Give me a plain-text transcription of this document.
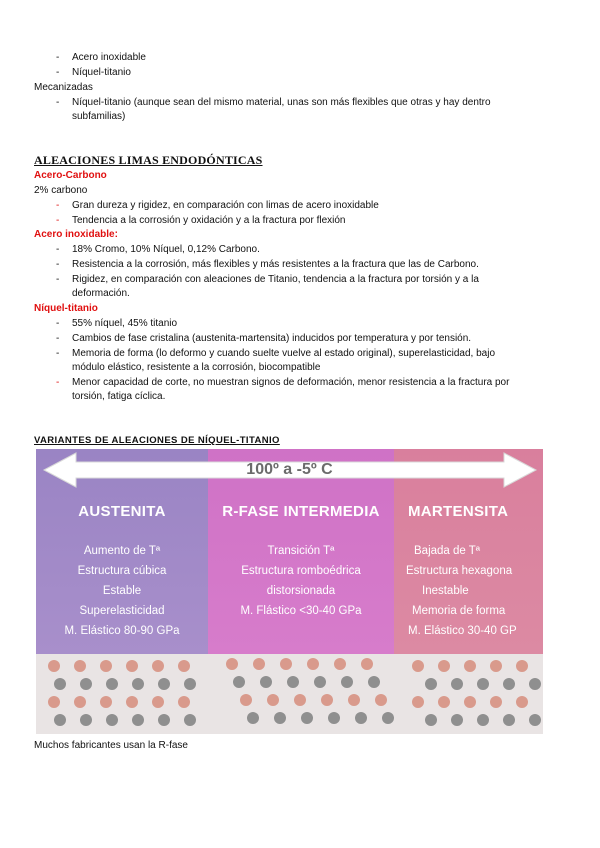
- Acero inoxidable
- Níquel-titanio
Mecanizadas
- Níquel-titanio (aunque sean del mismo material, unas son más flexibles que otras y hay dentro
subfamilias)
ALEACIONES LIMAS ENDODÓNTICAS
Acero-Carbono
2% carbono
- Gran dureza y rigidez, en comparación con limas de acero inoxidable
- Tendencia a la corrosión y oxidación y a la fractura por flexión
Acero inoxidable:
- 18% Cromo, 10% Níquel, 0,12% Carbono.
- Resistencia a la corrosión, más flexibles y más resistentes a la fractura que las de Carbono.
- Rigidez, en comparación con aleaciones de Titanio, tendencia a la fractura por torsión y a la
deformación.
Níquel-titanio
- 55% níquel, 45% titanio
- Cambios de fase cristalina (austenita-martensita) inducidos por temperatura y por tensión.
- Memoria de forma (lo deformo y cuando suelte vuelve al estado original), superelasticidad, bajo
módulo elástico, resistente a la corrosión, biocompatible
- Menor capacidad de corte, no muestran signos de deformación, menor resistencia a la fractura por
torsión, fatiga cíclica.
VARIANTES DE ALEACIONES DE NÍQUEL-TITANIO
100º a -5º C
AUSTENITA
Aumento de Tª
Estructura cúbica
Estable
Superelasticidad
M. Elástico 80-90 GPa
R-FASE INTERMEDIA
Transición Tª
Estructura romboédrica
distorsionada
M. Flástico <30-40 GPa
MARTENSITA
Bajada de Tª
Estructura hexagona
Inestable
Memoria de forma
M. Elástico 30-40 GP
Muchos fabricantes usan la R-fase
